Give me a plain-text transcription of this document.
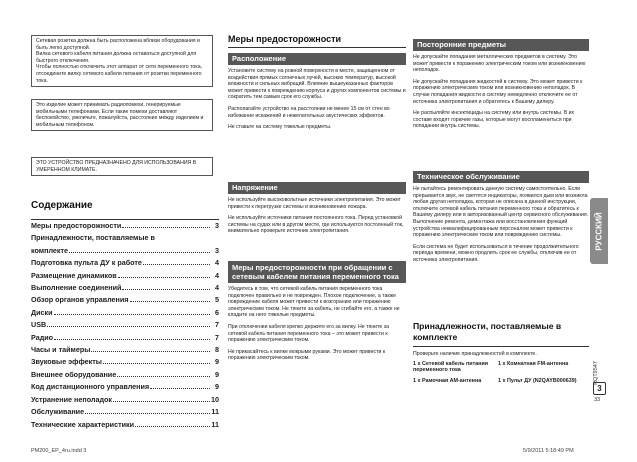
Сетевая розетка должна быть расположена вблизи оборудования и быть легко доступной.

Вилка сетевого кабеля питания должна оставаться доступной для быстрого отключения.

Чтобы полностью отключить этот аппарат от сети переменного тока, отсоедините вилку сетевого кабеля питания от розетки переменного тока.

Это изделие может принимать радиопомехи, генерируемые мобильными телефонами. Если такие помехи доставляют беспокойство, увеличьте, пожалуйста, расстояние между изделием и мобильным телефоном.

ЭТО УСТРОЙСТВО ПРЕДНАЗНАЧЕНО ДЛЯ ИСПОЛЬЗОВАНИЯ В УМЕРЕННОМ КЛИМАТЕ.

Содержание
Меры предосторожности	3
Принадлежности, поставляемые в
комплекте	3
Подготовка пульта ДУ к работе	4
Размещение динамиков	4
Выполнение соединений	4
Обзор органов управления	5
Диски	6
USB	7
Радио	7
Часы и таймеры	8
Звуковые эффекты	9
Внешнее оборудование	9
Код дистанционного управления	9
Устранение неполадок	10
Обслуживание	11
Технические характеристики	11
Меры предосторожности
Расположение

Установите систему на ровной поверхности в месте, защищенном от воздействия прямых солнечных лучей, высоких температур, высокой влажности и сильных вибраций. Влияние вышеуказанных факторов может привести к повреждению корпуса и других компонентов системы и сократить тем самым срок его службы.

Располагайте устройство на расстоянии не менее 15 см от стен во избежание искажений и нежелательных акустических эффектов.

Не ставьте на систему тяжелые предметы.

Напряжение

Не используйте высоковольтные источники электропитания. Это может привести к перегрузке системы и возникновению пожара.

Не используйте источники питания постоянного тока. Перед установкой системы на судах или в другом месте, где используется постоянный ток, внимательно проверьте источник электропитания.

Меры предосторожности при обращении с сетевым кабелем питания переменного тока

Убедитесь в том, что сетевой кабель питания переменного тока подключен правильно и не поврежден. Плохое подключение, а также повреждение кабеля может привести к возгоранию или поражению электрическим током. Не тяните за кабель, не сгибайте его, а также не кладите на него тяжелые предметы.

При отключении кабеля крепко держите его за вилку. Не тяните за сетевой кабель питания переменного тока – это может привести к поражению электрическим током.

Не прикасайтесь к вилке мокрыми руками. Это может привести к поражению электрическим током.

Посторонние предметы

Не допускайте попадания металлических предметов в систему. Это может привести к поражению электрическим током или возникновению неполадок.

Не допускайте попадания жидкостей в систему. Это может привести к поражению электрическим током или возникновению неполадок. В случае попадания жидкости в систему немедленно отключите ее от источника электропитания и обратитесь к Вашему дилеру.

Не распыляйте инсектициды на систему или внутрь системы. В их составе входят горючие газы, которые могут воспламениться при попадании внутрь системы.

Техническое обслуживание

Не пытайтесь ремонтировать данную систему самостоятельно. Если прерывается звук, не светятся индикаторы, появился дым или возникла любая другая неполадка, которая не описана в данной инструкции, отключите сетевой кабель питания переменного тока и обратитесь к Вашему дилеру или в авторизованный центр сервисного обслуживания. Выполнение ремонта, демонтажа или восстановления функций устройства неквалифицированным персоналом может привести к поражению электрическим током или повреждению системы.

Если система не будет использоваться в течение продолжительного периода времени, можно продлить срок ее службы, отключив ее от источника электропитания.

Принадлежности, поставляемые в комплекте
Проверьте наличие принадлежностей в комплекте.
1 x Сетевой кабель питания переменного тока
1 x Комнатная FM-антенна
1 x Рамочная AM-антенна	1 x Пульт ДУ (N2QAYB000639)
РУССКИЙ
RQT9547
3
33
PM200_EP_4ru.indd 3	5/9/2011 5:18:49 PM
